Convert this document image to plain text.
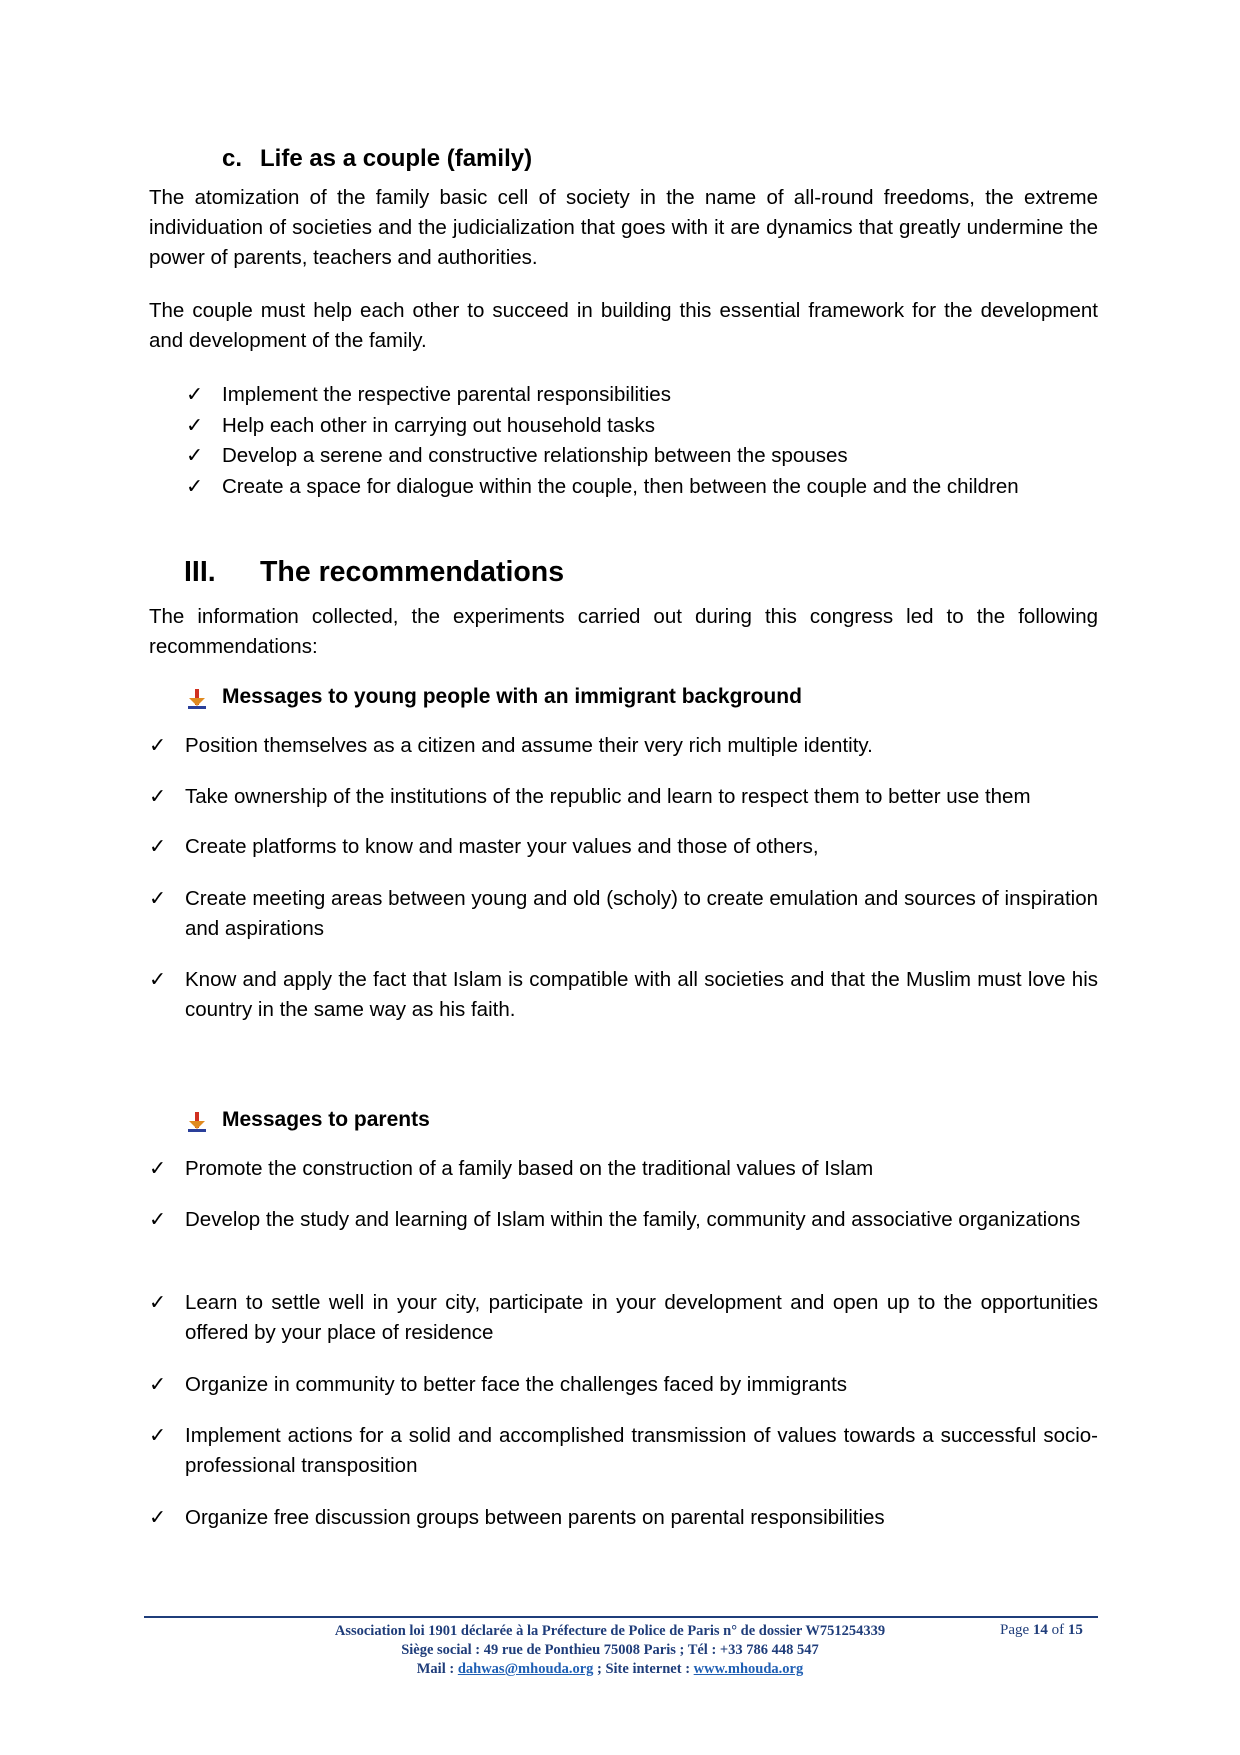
c. Life as a couple (family)
The atomization of the family basic cell of society in the name of all-round freedoms, the extreme individuation of societies and the judicialization that goes with it are dynamics that greatly undermine the power of parents, teachers and authorities.
The couple must help each other to succeed in building this essential framework for the development and development of the family.
✓ Implement the respective parental responsibilities
✓ Help each other in carrying out household tasks
✓ Develop a serene and constructive relationship between the spouses
✓ Create a space for dialogue within the couple, then between the couple and the children
III. The recommendations
The information collected, the experiments carried out during this congress led to the following recommendations:
Messages to young people with an immigrant background
✓ Position themselves as a citizen and assume their very rich multiple identity.
✓ Take ownership of the institutions of the republic and learn to respect them to better use them
✓ Create platforms to know and master your values and those of others,
✓ Create meeting areas between young and old (scholy) to create emulation and sources of inspiration and aspirations
✓ Know and apply the fact that Islam is compatible with all societies and that the Muslim must love his country in the same way as his faith.
Messages to parents
✓ Promote the construction of a family based on the traditional values of Islam
✓ Develop the study and learning of Islam within the family, community and associative organizations
✓ Learn to settle well in your city, participate in your development and open up to the opportunities offered by your place of residence
✓ Organize in community to better face the challenges faced by immigrants
✓ Implement actions for a solid and accomplished transmission of values towards a successful socio-professional transposition
✓ Organize free discussion groups between parents on parental responsibilities
Association loi 1901 déclarée à la Préfecture de Police de Paris n° de dossier W751254339
Siège social : 49 rue de Ponthieu 75008 Paris ; Tél : +33 786 448 547
Mail : dahwas@mhouda.org ; Site internet : www.mhouda.org
Page 14 of 15
